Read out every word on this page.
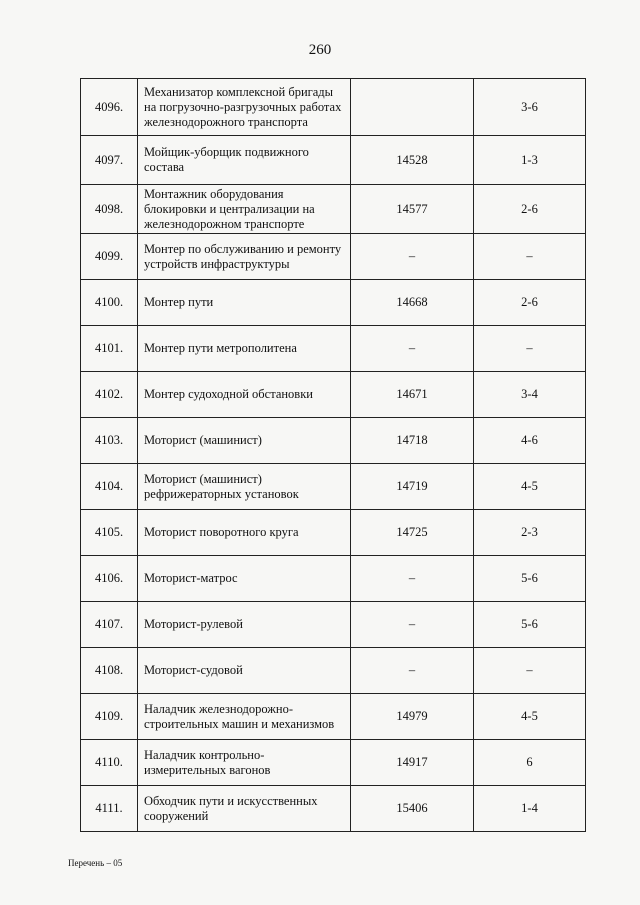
260
4096.	Механизатор комплексной бригады на погрузочно-разгрузочных работах железнодорожного транспорта		3-6
4097.	Мойщик-уборщик подвижного состава	14528	1-3
4098.	Монтажник оборудования блокировки и централизации на железнодорожном транспорте	14577	2-6
4099.	Монтер по обслуживанию и ремонту устройств инфраструктуры	–	–
4100.	Монтер пути	14668	2-6
4101.	Монтер пути метрополитена	–	–
4102.	Монтер судоходной обстановки	14671	3-4
4103.	Моторист (машинист)	14718	4-6
4104.	Моторист (машинист) рефрижераторных установок	14719	4-5
4105.	Моторист поворотного круга	14725	2-3
4106.	Моторист-матрос	–	5-6
4107.	Моторист-рулевой	–	5-6
4108.	Моторист-судовой	–	–
4109.	Наладчик железнодорожно-строительных машин и механизмов	14979	4-5
4110.	Наладчик контрольно-измерительных вагонов	14917	6
4111.	Обходчик пути и искусственных сооружений	15406	1-4
Перечень – 05
